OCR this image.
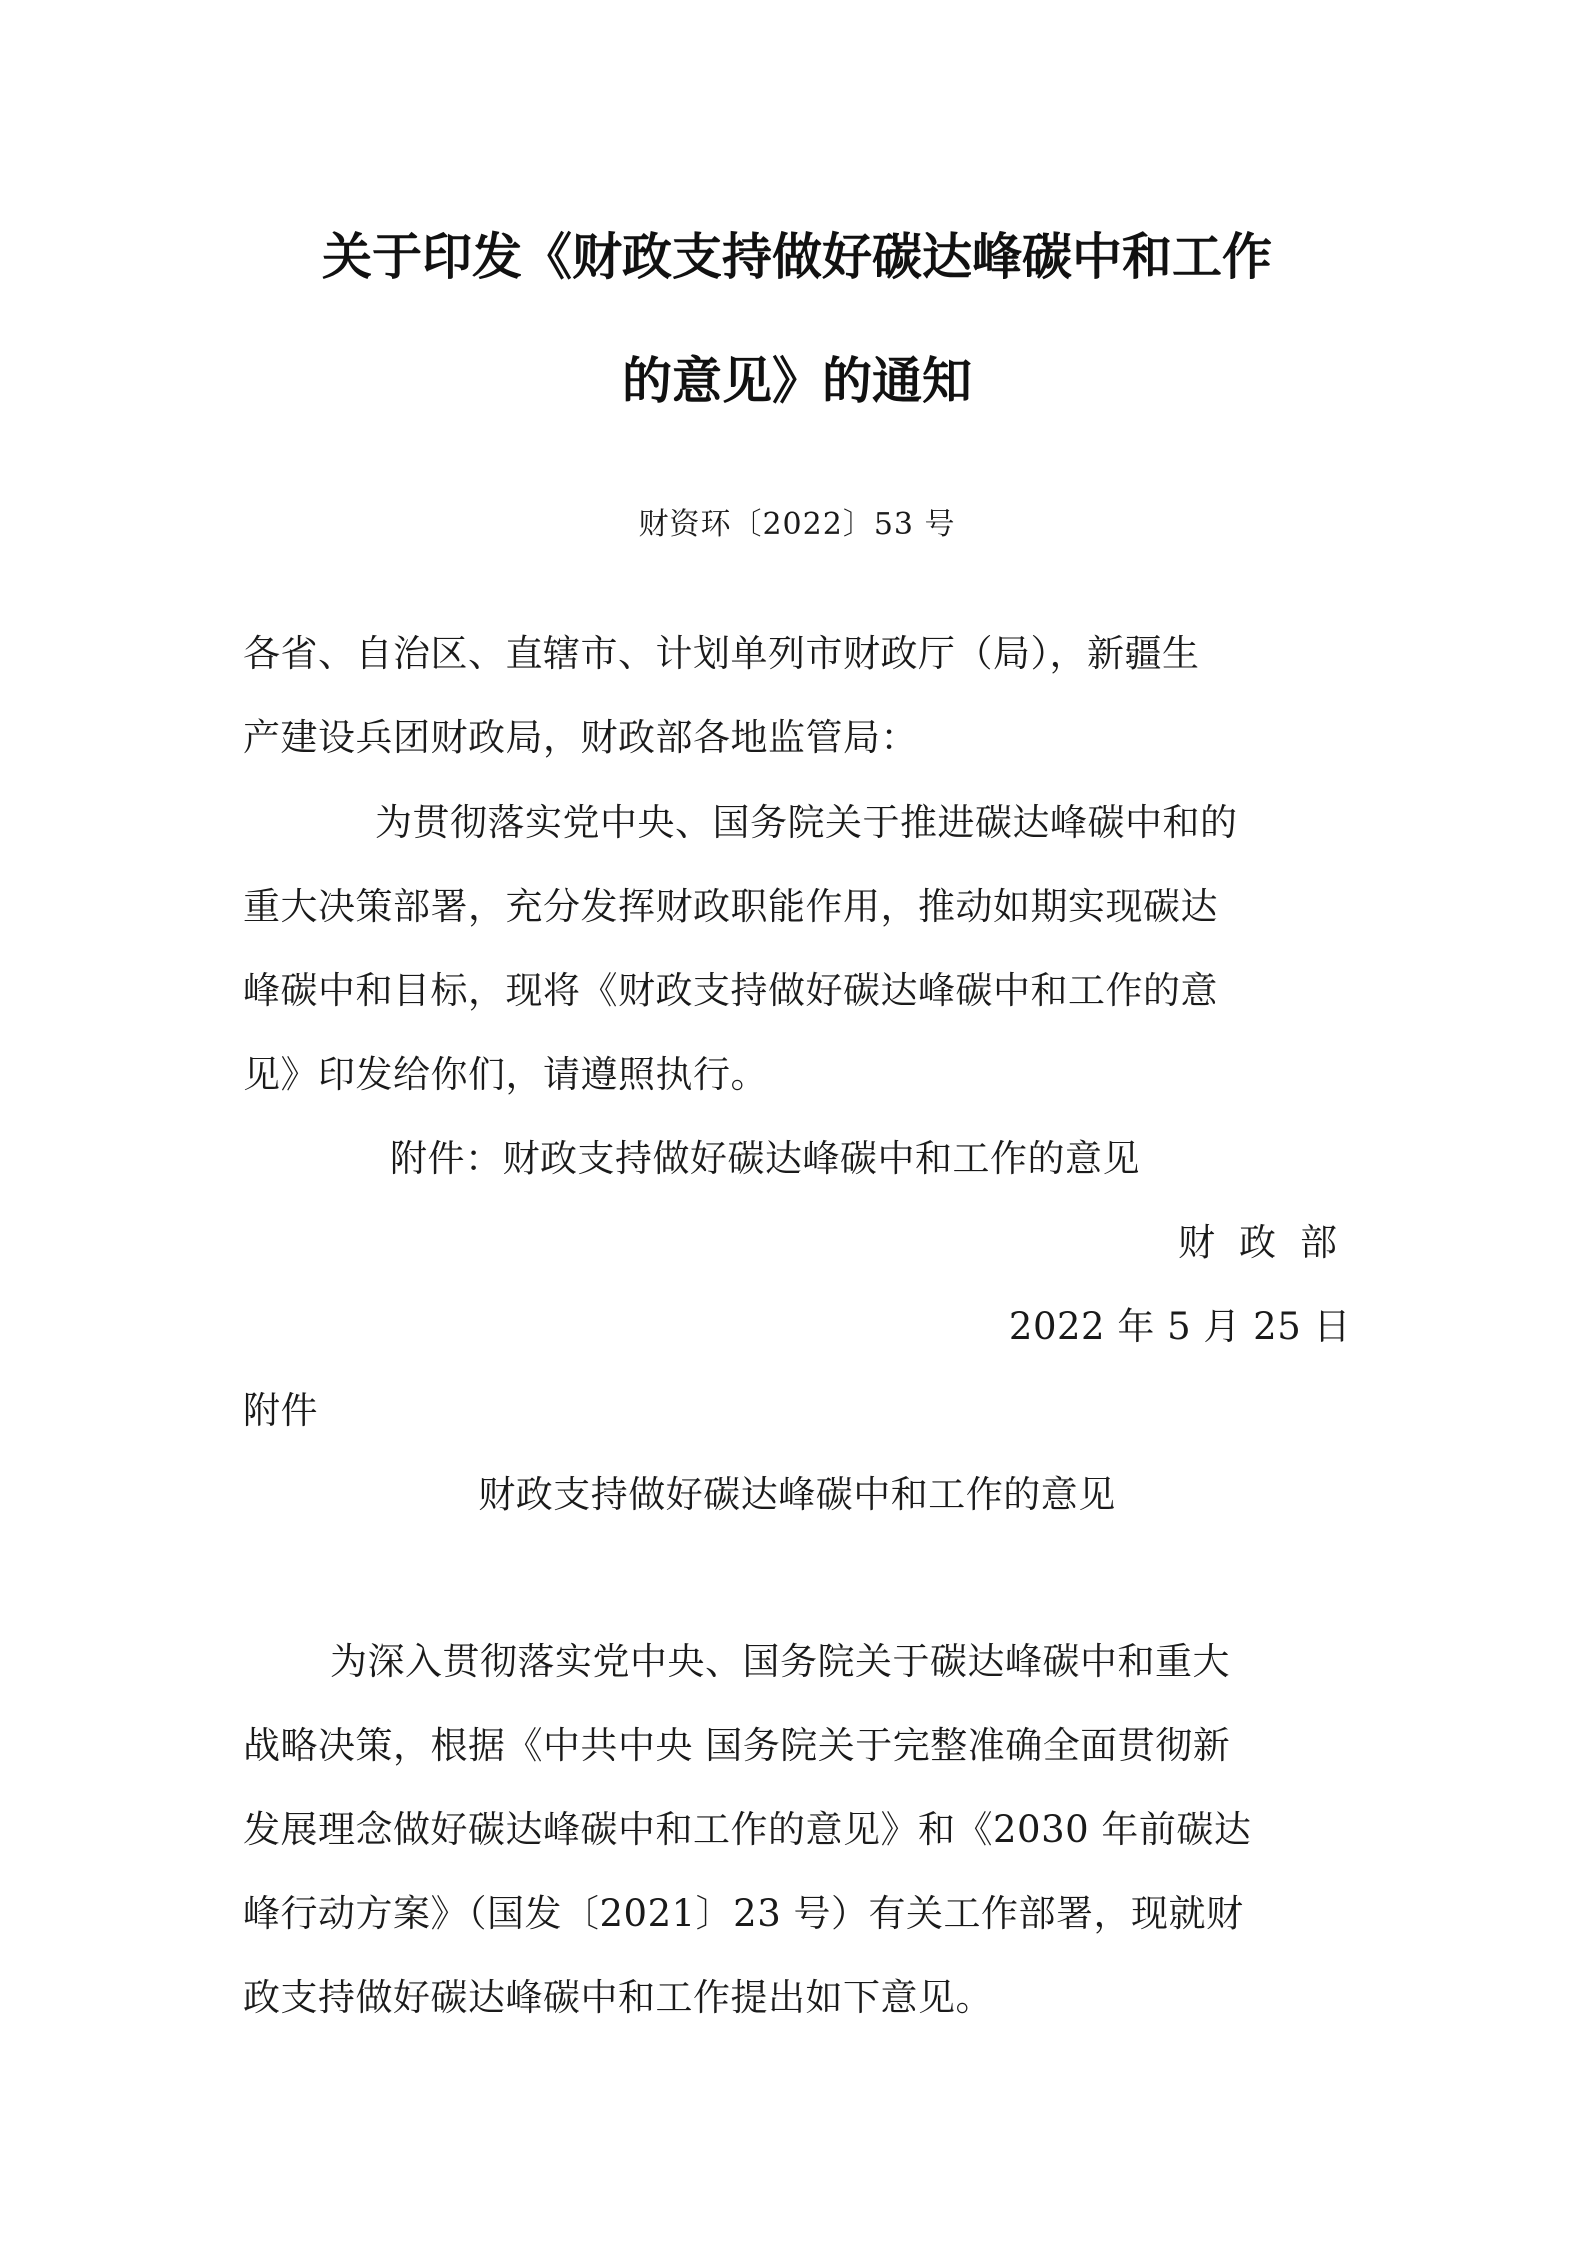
关于印发《财政支持做好碳达峰碳中和工作
的意见》的通知
财资环〔2022〕53 号
各省、自治区、直辖市、计划单列市财政厅（局），新疆生
产建设兵团财政局，财政部各地监管局：
为贯彻落实党中央、国务院关于推进碳达峰碳中和的
重大决策部署，充分发挥财政职能作用，推动如期实现碳达
峰碳中和目标，现将《财政支持做好碳达峰碳中和工作的意
见》印发给你们，请遵照执行。
附件：财政支持做好碳达峰碳中和工作的意见
财政部
2022 年 5 月 25 日
附件
财政支持做好碳达峰碳中和工作的意见
为深入贯彻落实党中央、国务院关于碳达峰碳中和重大
战略决策，根据《中共中央 国务院关于完整准确全面贯彻新
发展理念做好碳达峰碳中和工作的意见》和《2030 年前碳达
峰行动方案》（国发〔2021〕23 号）有关工作部署，现就财
政支持做好碳达峰碳中和工作提出如下意见。
